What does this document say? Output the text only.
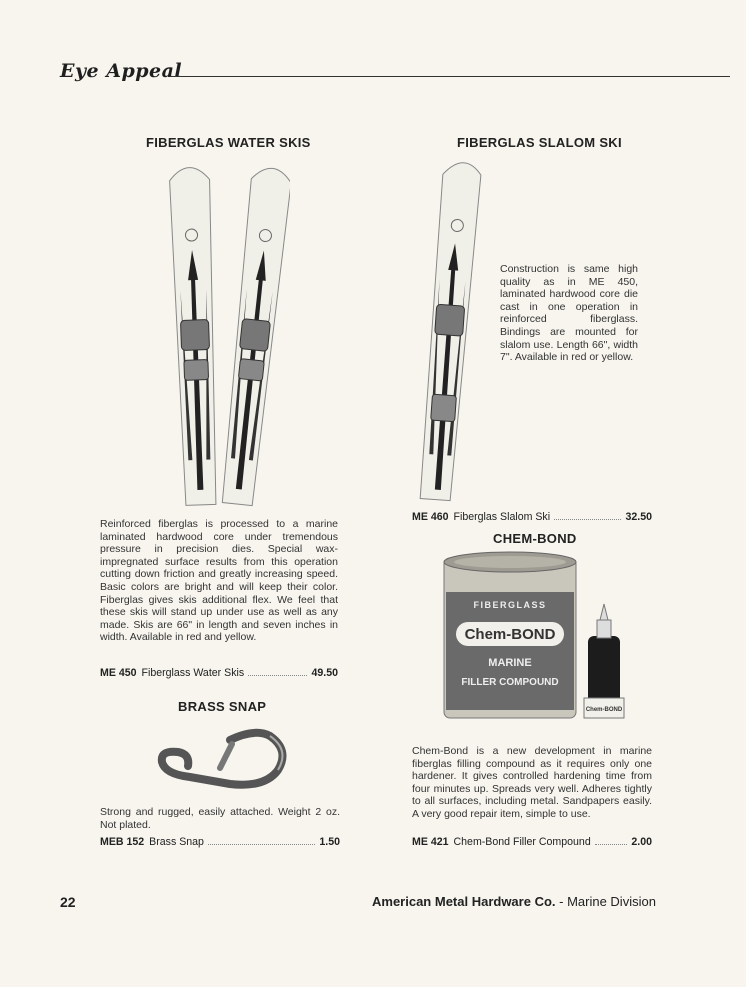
Eye Appeal
FIBERGLAS WATER SKIS
Reinforced fiberglas is processed to a marine laminated hardwood core under tremendous pressure in precision dies. Special wax-impregnated surface results from this operation cutting down friction and greatly increasing speed. Basic colors are bright and will keep their color. Fiberglas gives skis additional flex. We feel that these skis will stand up under use as well as any made. Skis are 66" in length and seven inches in width. Available in red and yellow.
ME 450 Fiberglass Water Skis	49.50
BRASS SNAP
Strong and rugged, easily attached. Weight 2 oz. Not plated.
MEB 152 Brass Snap	1.50
FIBERGLAS SLALOM SKI
Construction is same high quality as in ME 450, laminated hardwood core die cast in one operation in reinforced fiberglass. Bindings are mounted for slalom use. Length 66", width 7". Available in red or yellow.
ME 460 Fiberglas Slalom Ski	32.50
CHEM-BOND
FIBERGLASS
Chem-BOND
MARINE
FILLER COMPOUND
Chem-BOND
Chem-Bond is a new development in marine fiberglas filling compound as it requires only one hardener. It gives controlled hardening time from four minutes up. Spreads very well. Adheres tightly to all surfaces, including metal. Sandpapers easily. A very good repair item, simple to use.
ME 421 Chem-Bond Filler Compound	2.00
22	American Metal Hardware Co. - Marine Division
